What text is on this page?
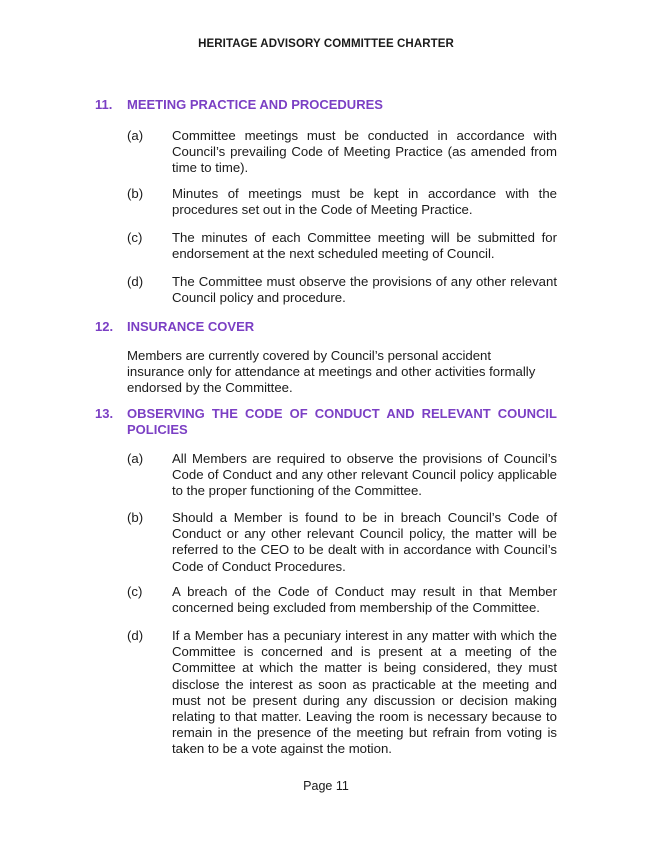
HERITAGE ADVISORY COMMITTEE CHARTER
11. MEETING PRACTICE AND PROCEDURES
(a) Committee meetings must be conducted in accordance with Council’s prevailing Code of Meeting Practice (as amended from time to time).
(b) Minutes of meetings must be kept in accordance with the procedures set out in the Code of Meeting Practice.
(c) The minutes of each Committee meeting will be submitted for endorsement at the next scheduled meeting of Council.
(d) The Committee must observe the provisions of any other relevant Council policy and procedure.
12. INSURANCE COVER
Members are currently covered by Council’s personal accident insurance only for attendance at meetings and other activities formally endorsed by the Committee.
13. OBSERVING THE CODE OF CONDUCT AND RELEVANT COUNCIL POLICIES
(a) All Members are required to observe the provisions of Council’s Code of Conduct and any other relevant Council policy applicable to the proper functioning of the Committee.
(b) Should a Member is found to be in breach Council’s Code of Conduct or any other relevant Council policy, the matter will be referred to the CEO to be dealt with in accordance with Council’s Code of Conduct Procedures.
(c) A breach of the Code of Conduct may result in that Member concerned being excluded from membership of the Committee.
(d) If a Member has a pecuniary interest in any matter with which the Committee is concerned and is present at a meeting of the Committee at which the matter is being considered, they must disclose the interest as soon as practicable at the meeting and must not be present during any discussion or decision making relating to that matter. Leaving the room is necessary because to remain in the presence of the meeting but refrain from voting is taken to be a vote against the motion.
Page 11
